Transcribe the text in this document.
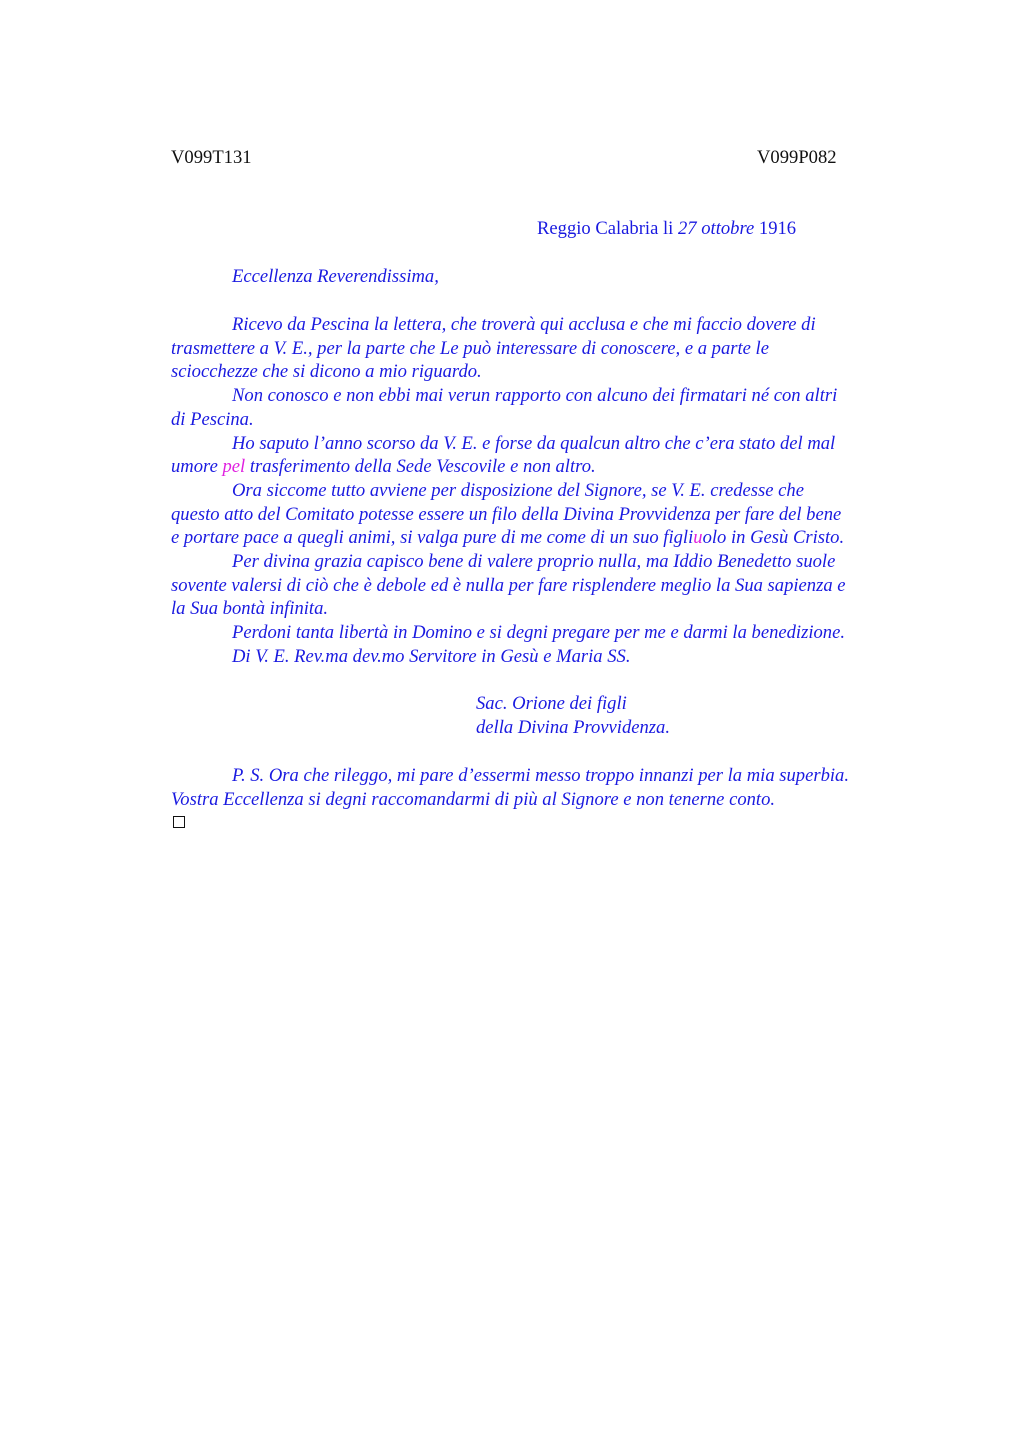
V099T131	V099P082
Reggio Calabria li 27 ottobre 1916
Eccellenza Reverendissima,
Ricevo da Pescina la lettera, che troverà qui acclusa e che mi faccio dovere di
trasmettere a V. E., per la parte che Le può interessare di conoscere, e a parte le
sciocchezze che si dicono a mio riguardo.
Non conosco e non ebbi mai verun rapporto con alcuno dei firmatari né con altri
di Pescina.
Ho saputo l’anno scorso da V. E. e forse da qualcun altro che c’era stato del mal
umore pel trasferimento della Sede Vescovile e non altro.
Ora siccome tutto avviene per disposizione del Signore, se V. E. credesse che
questo atto del Comitato potesse essere un filo della Divina Provvidenza per fare del bene
e portare pace a quegli animi, si valga pure di me come di un suo figliuolo in Gesù Cristo.
Per divina grazia capisco bene di valere proprio nulla, ma Iddio Benedetto suole
sovente valersi di ciò che è debole ed è nulla per fare risplendere meglio la Sua sapienza e
la Sua bontà infinita.
Perdoni tanta libertà in Domino e si degni pregare per me e darmi la benedizione.
Di V. E. Rev.ma dev.mo Servitore in Gesù e Maria SS.
Sac. Orione dei figli
della Divina Provvidenza.
P. S. Ora che rileggo, mi pare d’essermi messo troppo innanzi per la mia superbia.
Vostra Eccellenza si degni raccomandarmi di più al Signore e non tenerne conto.
